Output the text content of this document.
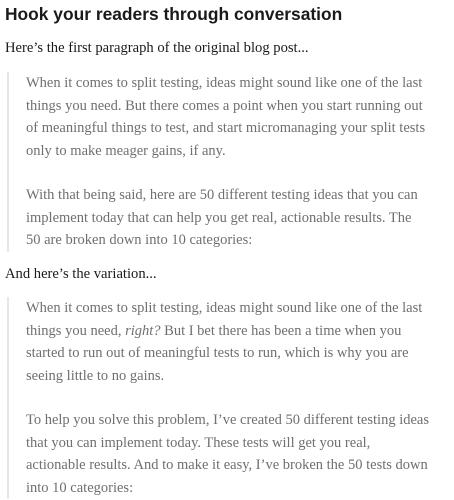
Hook your readers through conversation

Here’s the first paragraph of the original blog post...

When it comes to split testing, ideas might sound like one of the last
things you need. But there comes a point when you start running out
of meaningful things to test, and start micromanaging your split tests
only to make meager gains, if any.

With that being said, here are 50 different testing ideas that you can
implement today that can help you get real, actionable results. The
50 are broken down into 10 categories:

And here’s the variation...

When it comes to split testing, ideas might sound like one of the last
things you need, right? But I bet there has been a time when you
started to run out of meaningful tests to run, which is why you are
seeing little to no gains.

To help you solve this problem, I’ve created 50 different testing ideas
that you can implement today. These tests will get you real,
actionable results. And to make it easy, I’ve broken the 50 tests down
into 10 categories:
